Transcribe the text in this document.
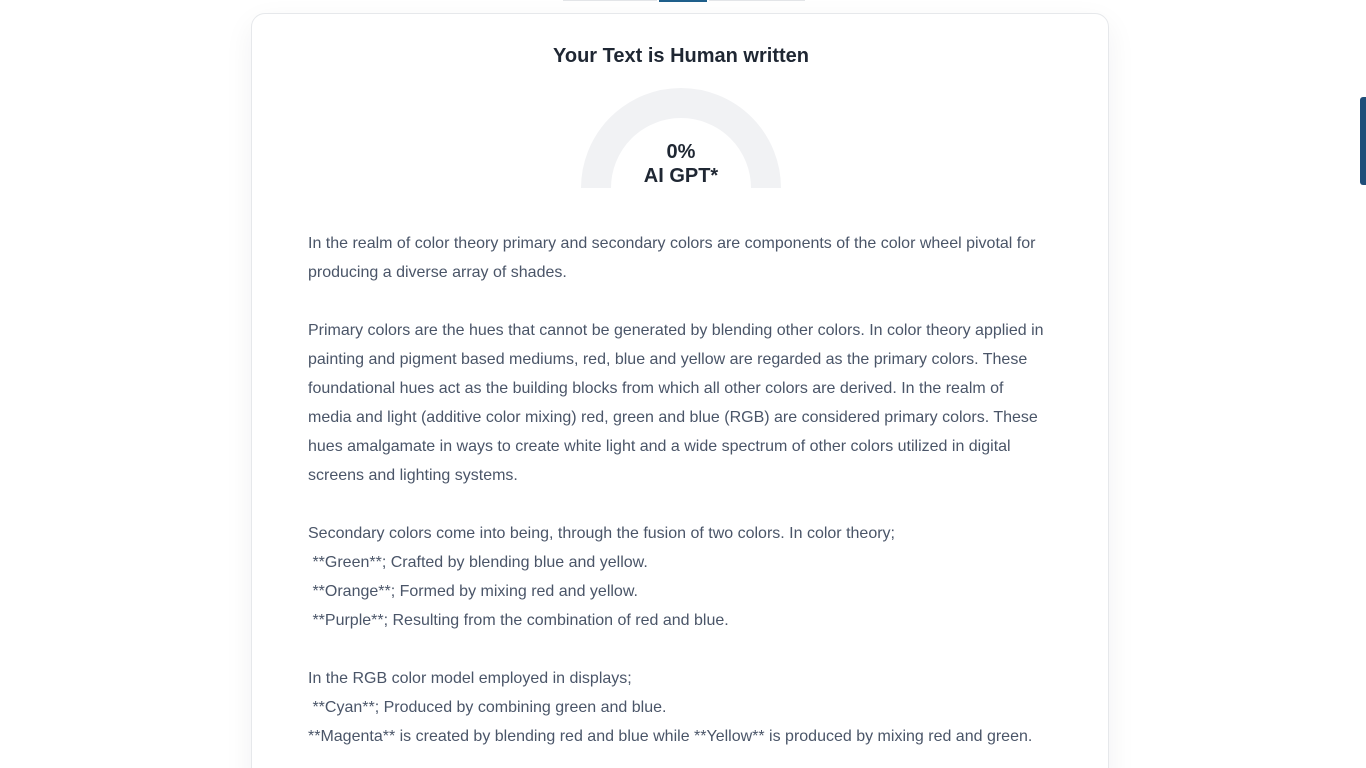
Your Text is Human written
0%
AI GPT*
In the realm of color theory primary and secondary colors are components of the color wheel pivotal for
producing a diverse array of shades.
Primary colors are the hues that cannot be generated by blending other colors. In color theory applied in
painting and pigment based mediums, red, blue and yellow are regarded as the primary colors. These
foundational hues act as the building blocks from which all other colors are derived. In the realm of
media and light (additive color mixing) red, green and blue (RGB) are considered primary colors. These
hues amalgamate in ways to create white light and a wide spectrum of other colors utilized in digital
screens and lighting systems.
Secondary colors come into being, through the fusion of two colors. In color theory;
**Green**; Crafted by blending blue and yellow.
**Orange**; Formed by mixing red and yellow.
**Purple**; Resulting from the combination of red and blue.
In the RGB color model employed in displays;
**Cyan**; Produced by combining green and blue.
**Magenta** is created by blending red and blue while **Yellow** is produced by mixing red and green.
